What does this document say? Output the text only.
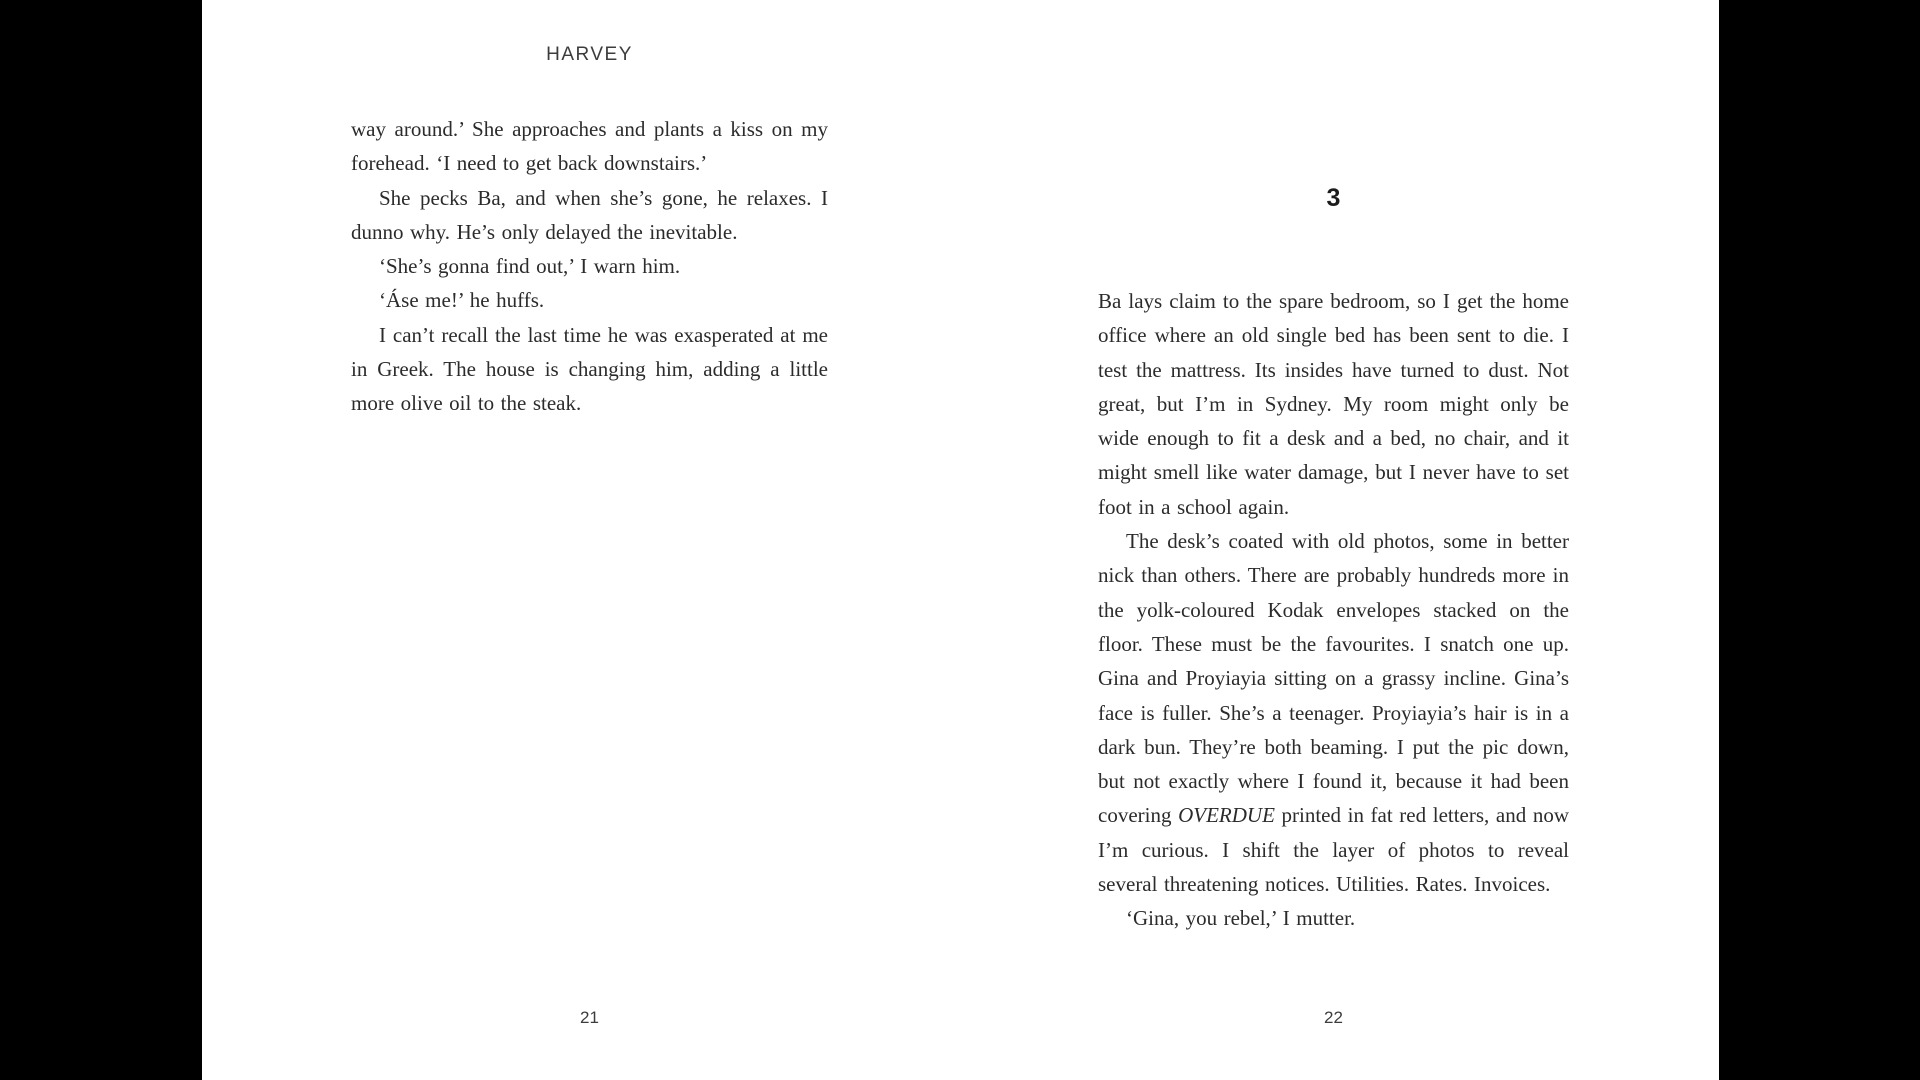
HARVEY

way around.’ She approaches and plants a kiss on my forehead. ‘I need to get back downstairs.’

She pecks Ba, and when she’s gone, he relaxes. I dunno why. He’s only delayed the inevitable.

‘She’s gonna find out,’ I warn him.

‘Áse me!’ he huffs.

I can’t recall the last time he was exasperated at me in Greek. The house is changing him, adding a little more olive oil to the steak.

21
3

Ba lays claim to the spare bedroom, so I get the home office where an old single bed has been sent to die. I test the mattress. Its insides have turned to dust. Not great, but I’m in Sydney. My room might only be wide enough to fit a desk and a bed, no chair, and it might smell like water damage, but I never have to set foot in a school again.

The desk’s coated with old photos, some in better nick than others. There are probably hundreds more in the yolk-coloured Kodak envelopes stacked on the floor. These must be the favourites. I snatch one up. Gina and Proyiayia sitting on a grassy incline. Gina’s face is fuller. She’s a teenager. Proyiayia’s hair is in a dark bun. They’re both beaming. I put the pic down, but not exactly where I found it, because it had been covering OVERDUE printed in fat red letters, and now I’m curious. I shift the layer of photos to reveal several threatening notices. Utilities. Rates. Invoices.

‘Gina, you rebel,’ I mutter.

22
